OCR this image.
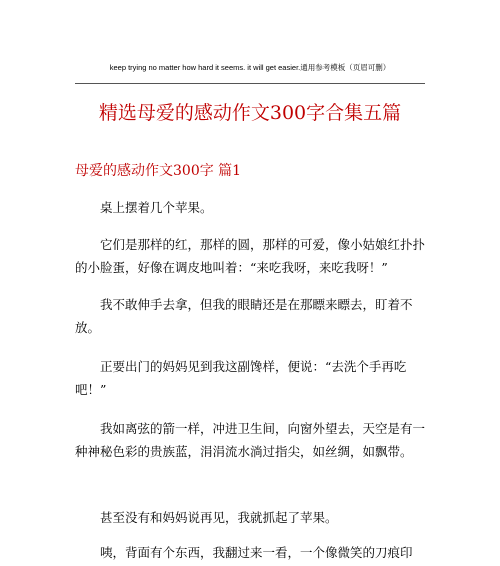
keep trying no matter how hard it seems. it will get easier.通用参考模板（页眉可删）
精选母爱的感动作文300字合集五篇
母爱的感动作文300字 篇1

桌上摆着几个苹果。

它们是那样的红，那样的圆，那样的可爱，像小姑娘红扑扑的小脸蛋，好像在调皮地叫着：“来吃我呀，来吃我呀！”

我不敢伸手去拿，但我的眼睛还是在那瞟来瞟去，盯着不放。

正要出门的妈妈见到我这副馋样，便说：“去洗个手再吃吧！”

我如离弦的箭一样，冲进卫生间，向窗外望去，天空是有一种神秘色彩的贵族蓝，涓涓流水淌过指尖，如丝绸，如飘带。

甚至没有和妈妈说再见，我就抓起了苹果。

咦，背面有个东西，我翻过来一看，一个像微笑的刀痕印
